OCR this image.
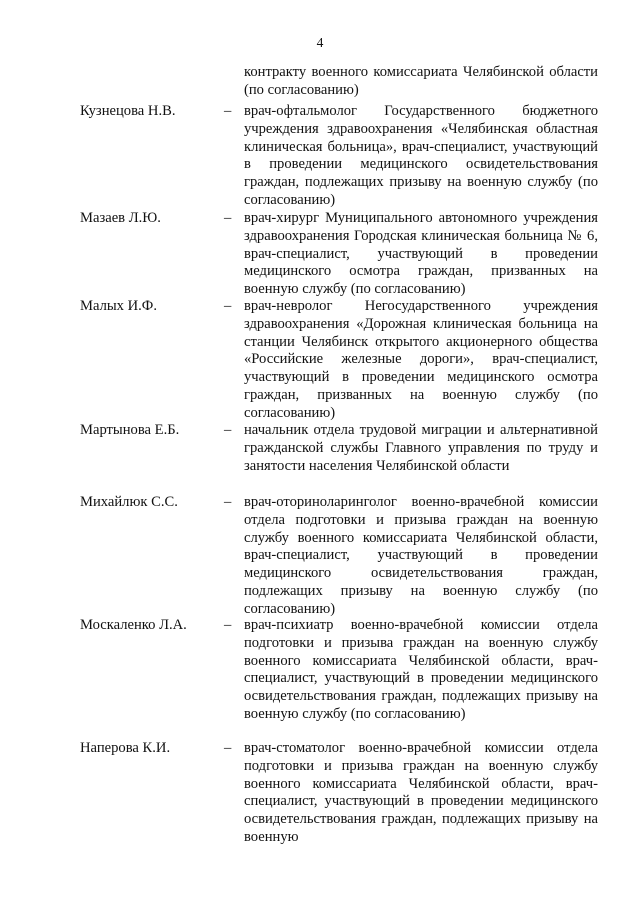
4
контракту военного комиссариата Челябинской области (по согласованию)
Кузнецова Н.В.	– врач-офтальмолог Государственного бюджетного учреждения здравоохранения «Челябинская областная клиническая больница», врач-специалист, участвующий в проведении медицинского освидетельствования граждан, подлежащих призыву на военную службу (по согласованию)
Мазаев Л.Ю.	– врач-хирург Муниципального автономного учреждения здравоохранения Городская клиническая больница № 6, врач-специалист, участвующий в проведении медицинского осмотра граждан, призванных на военную службу (по согласованию)
Малых И.Ф.	– врач-невролог Негосударственного учреждения здравоохранения «Дорожная клиническая больница на станции Челябинск открытого акционерного общества «Российские железные дороги», врач-специалист, участвующий в проведении медицинского осмотра граждан, призванных на военную службу (по согласованию)
Мартынова Е.Б.	– начальник отдела трудовой миграции и альтернативной гражданской службы Главного управления по труду и занятости населения Челябинской области
Михайлюк С.С.	– врач-оториноларинголог военно-врачебной комиссии отдела подготовки и призыва граждан на военную службу военного комиссариата Челябинской области, врач-специалист, участвующий в проведении медицинского освидетельствования граждан, подлежащих призыву на военную службу (по согласованию)
Москаленко Л.А.	– врач-психиатр военно-врачебной комиссии отдела подготовки и призыва граждан на военную службу военного комиссариата Челябинской области, врач-специалист, участвующий в проведении медицинского освидетельствования граждан, подлежащих призыву на военную службу (по согласованию)
Наперова К.И.	– врач-стоматолог военно-врачебной комиссии отдела подготовки и призыва граждан на военную службу военного комиссариата Челябинской области, врач-специалист, участвующий в проведении медицинского освидетельствования граждан, подлежащих призыву на военную
